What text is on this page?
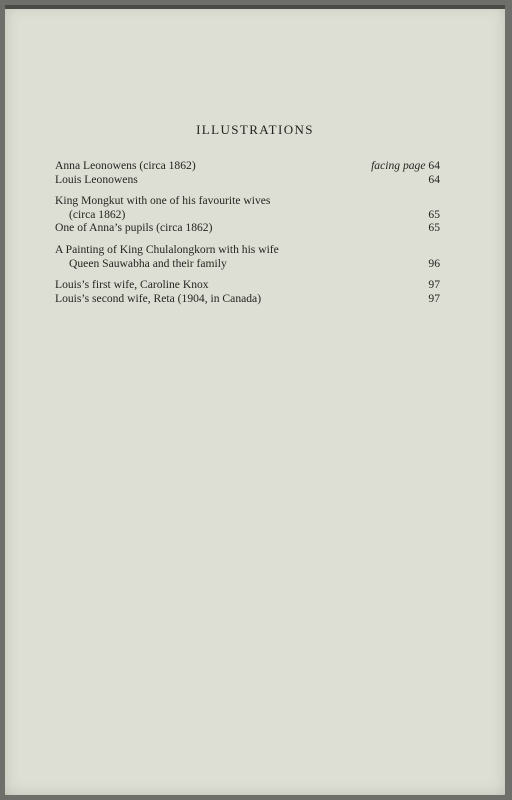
ILLUSTRATIONS
Anna Leonowens (circa 1862)	facing page 64
Louis Leonowens	64
King Mongkut with one of his favourite wives
(circa 1862)	65
One of Anna’s pupils (circa 1862)	65
A Painting of King Chulalongkorn with his wife
Queen Sauwabha and their family	96
Louis’s first wife, Caroline Knox	97
Louis’s second wife, Reta (1904, in Canada)	97
